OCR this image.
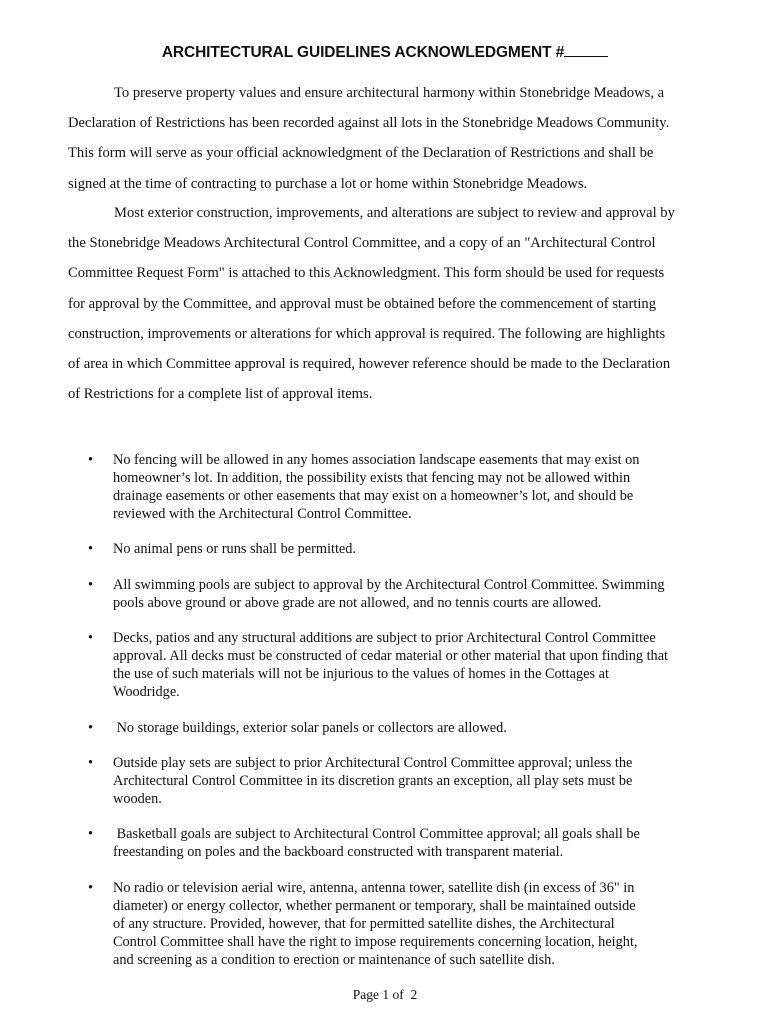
ARCHITECTURAL GUIDELINES ACKNOWLEDGMENT #
To preserve property values and ensure architectural harmony within Stonebridge Meadows, a
Declaration of Restrictions has been recorded against all lots in the Stonebridge Meadows Community.
This form will serve as your official acknowledgment of the Declaration of Restrictions and shall be
signed at the time of contracting to purchase a lot or home within Stonebridge Meadows.
Most exterior construction, improvements, and alterations are subject to review and approval by
the Stonebridge Meadows Architectural Control Committee, and a copy of an "Architectural Control
Committee Request Form" is attached to this Acknowledgment. This form should be used for requests
for approval by the Committee, and approval must be obtained before the commencement of starting
construction, improvements or alterations for which approval is required. The following are highlights
of area in which Committee approval is required, however reference should be made to the Declaration
of Restrictions for a complete list of approval items.
•	No fencing will be allowed in any homes association landscape easements that may exist on
homeowner’s lot. In addition, the possibility exists that fencing may not be allowed within
drainage easements or other easements that may exist on a homeowner’s lot, and should be
reviewed with the Architectural Control Committee.
•	No animal pens or runs shall be permitted.
•	All swimming pools are subject to approval by the Architectural Control Committee. Swimming
pools above ground or above grade are not allowed, and no tennis courts are allowed.
•	Decks, patios and any structural additions are subject to prior Architectural Control Committee
approval. All decks must be constructed of cedar material or other material that upon finding that
the use of such materials will not be injurious to the values of homes in the Cottages at
Woodridge.
•	No storage buildings, exterior solar panels or collectors are allowed.
•	Outside play sets are subject to prior Architectural Control Committee approval; unless the
Architectural Control Committee in its discretion grants an exception, all play sets must be
wooden.
•	Basketball goals are subject to Architectural Control Committee approval; all goals shall be
freestanding on poles and the backboard constructed with transparent material.
•	No radio or television aerial wire, antenna, antenna tower, satellite dish (in excess of 36" in
diameter) or energy collector, whether permanent or temporary, shall be maintained outside
of any structure. Provided, however, that for permitted satellite dishes, the Architectural
Control Committee shall have the right to impose requirements concerning location, height,
and screening as a condition to erection or maintenance of such satellite dish.
Page 1 of  2
